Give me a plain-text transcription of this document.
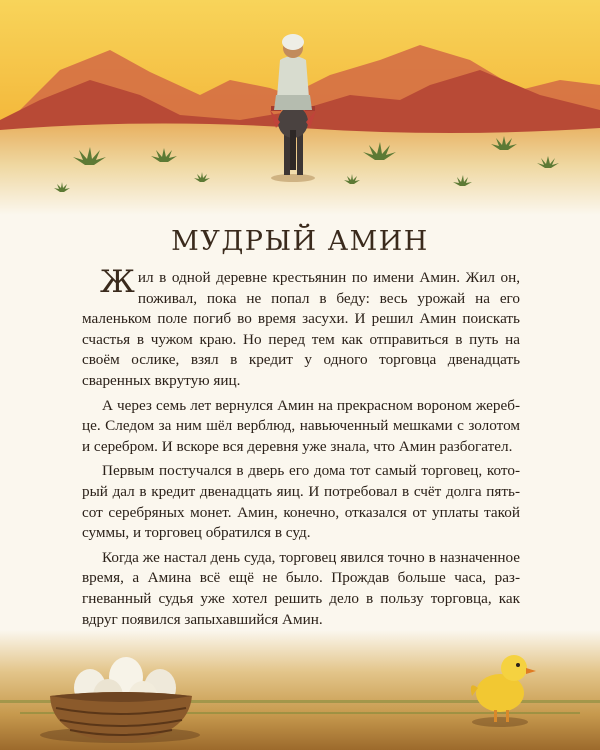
МУДРЫЙ АМИН

Жил в одной деревне крестьянин по имени Амин. Жил он, поживал, пока не попал в беду: весь урожай на его маленьком поле погиб во время засухи. И решил Амин поискать счастья в чужом краю. Но перед тем как отправиться в путь на своём ослике, взял в кредит у одного торговца двенадцать сваренных вкрутую яиц.

А через семь лет вернулся Амин на прекрасном вороном жеребце. Следом за ним шёл верблюд, навьюченный мешками с золотом и серебром. И вскоре вся деревня уже знала, что Амин разбогател.

Первым постучался в дверь его дома тот самый торговец, который дал в кредит двенадцать яиц. И потребовал в счёт долга пятьсот серебряных монет. Амин, конечно, отказался от уплаты такой суммы, и торговец обратился в суд.

Когда же настал день суда, торговец явился точно в назначенное время, а Амина всё ещё не было. Прождав больше часа, разгневанный судья уже хотел решить дело в пользу торговца, как вдруг появился запыхавшийся Амин.
